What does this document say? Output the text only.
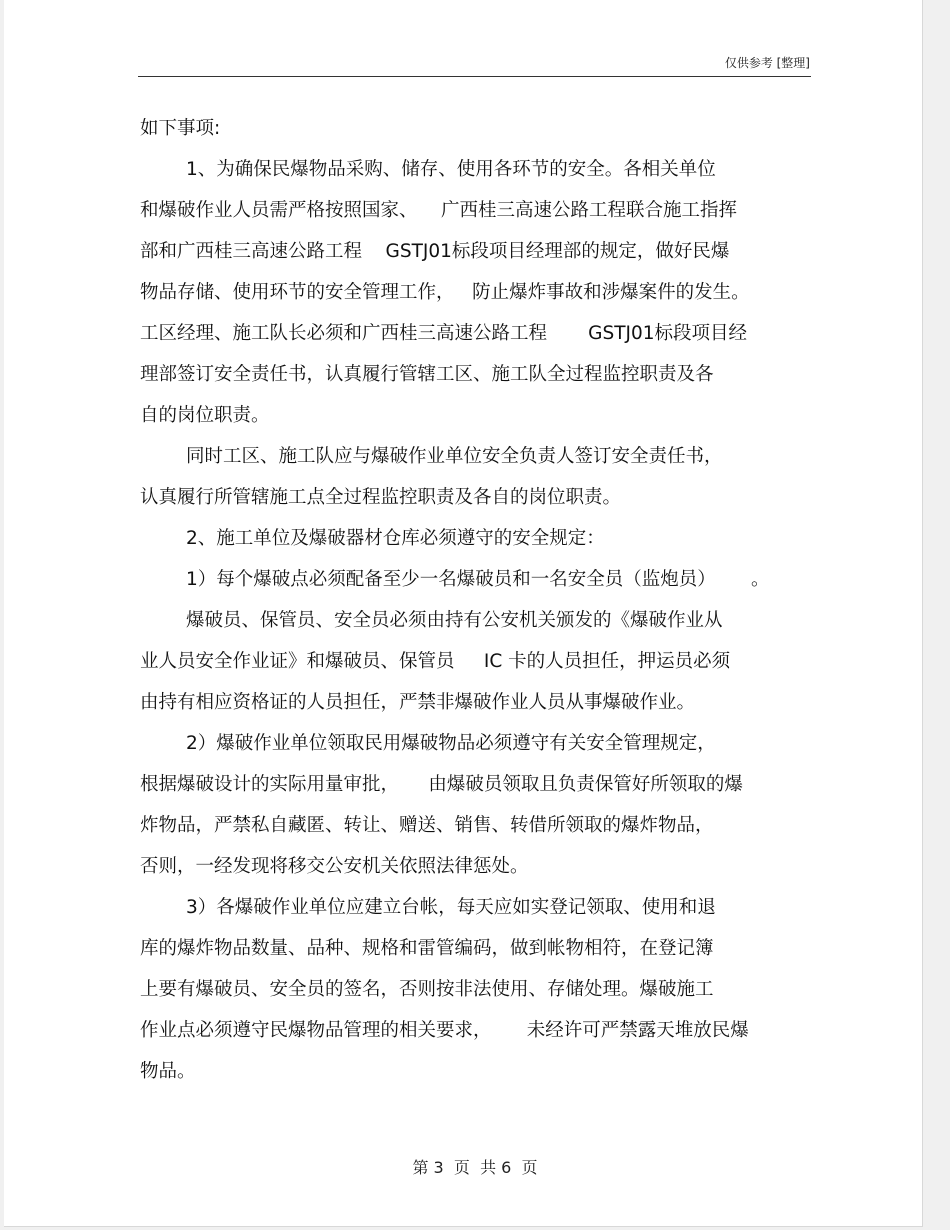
仅供参考 [整理]
如下事项:
1、为确保民爆物品采购、储存、使用各环节的安全。各相关单位
和爆破作业人员需严格按照国家、    广西桂三高速公路工程联合施工指挥
部和广西桂三高速公路工程    GSTJ01标段项目经理部的规定，做好民爆
物品存储、使用环节的安全管理工作，   防止爆炸事故和涉爆案件的发生。
工区经理、施工队长必须和广西桂三高速公路工程       GSTJ01标段项目经
理部签订安全责任书，认真履行管辖工区、施工队全过程监控职责及各
自的岗位职责。
同时工区、施工队应与爆破作业单位安全负责人签订安全责任书，
认真履行所管辖施工点全过程监控职责及各自的岗位职责。
2、施工单位及爆破器材仓库必须遵守的安全规定：
1）每个爆破点必须配备至少一名爆破员和一名安全员（监炮员）      。
爆破员、保管员、安全员必须由持有公安机关颁发的《爆破作业从
业人员安全作业证》和爆破员、保管员     IC 卡的人员担任，押运员必须
由持有相应资格证的人员担任，严禁非爆破作业人员从事爆破作业。
2）爆破作业单位领取民用爆破物品必须遵守有关安全管理规定，
根据爆破设计的实际用量审批，     由爆破员领取且负责保管好所领取的爆
炸物品，严禁私自藏匿、转让、赠送、销售、转借所领取的爆炸物品，
否则，一经发现将移交公安机关依照法律惩处。
3）各爆破作业单位应建立台帐，每天应如实登记领取、使用和退
库的爆炸物品数量、品种、规格和雷管编码，做到帐物相符，在登记簿
上要有爆破员、安全员的签名，否则按非法使用、存储处理。爆破施工
作业点必须遵守民爆物品管理的相关要求，      未经许可严禁露天堆放民爆
物品。
第 3  页  共 6  页
